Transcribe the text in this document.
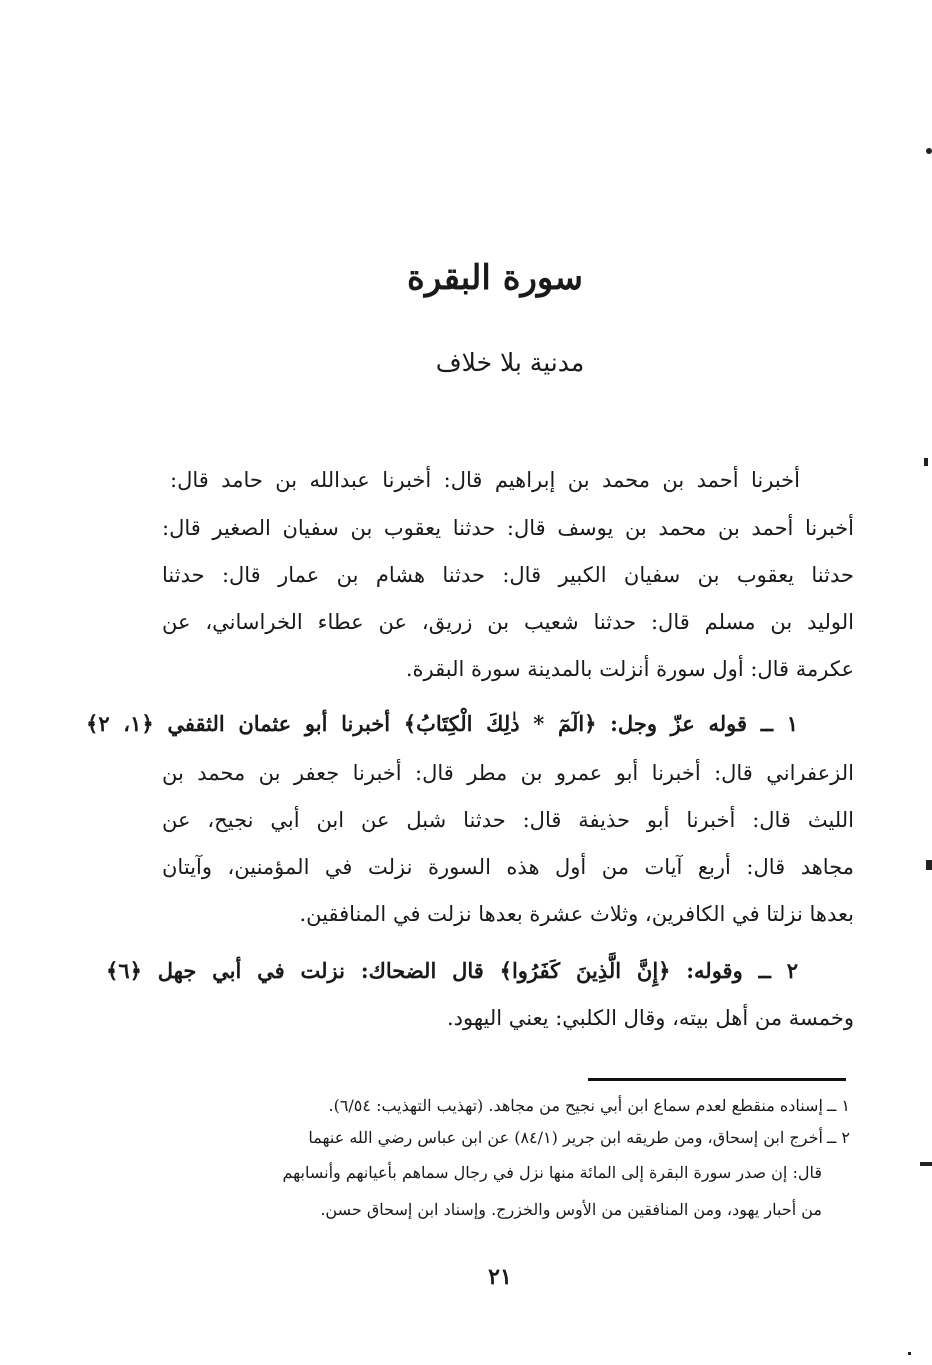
سورة البقرة
مدنية بلا خلاف
أخبرنا أحمد بن محمد بن إبراهيم قال: أخبرنا عبدالله بن حامد قال:
أخبرنا أحمد بن محمد بن يوسف قال: حدثنا يعقوب بن سفيان الصغير قال:
حدثنا يعقوب بن سفيان الكبير قال: حدثنا هشام بن عمار قال: حدثنا
الوليد بن مسلم قال: حدثنا شعيب بن زريق، عن عطاء الخراساني، عن
عكرمة قال: أول سورة أنزلت بالمدينة سورة البقرة.
١ ــ قوله عزّ وجل: ﴿الٓمٓ * ذٰلِكَ الْكِتَابُ﴾ أخبرنا أبو عثمان الثقفي ﴿١، ٢﴾
الزعفراني قال: أخبرنا أبو عمرو بن مطر قال: أخبرنا جعفر بن محمد بن
الليث قال: أخبرنا أبو حذيفة قال: حدثنا شبل عن ابن أبي نجيح، عن
مجاهد قال: أربع آيات من أول هذه السورة نزلت في المؤمنين، وآيتان
بعدها نزلتا في الكافرين، وثلاث عشرة بعدها نزلت في المنافقين.
٢ ــ وقوله: ﴿إِنَّ الَّذِينَ كَفَرُوا﴾ قال الضحاك: نزلت في أبي جهل ﴿٦﴾
وخمسة من أهل بيته، وقال الكلبي: يعني اليهود.
١ ــ إسناده منقطع لعدم سماع ابن أبي نجيح من مجاهد. (تهذيب التهذيب: ٦/٥٤).
٢ ــ أخرج ابن إسحاق، ومن طريقه ابن جرير (٨٤/١) عن ابن عباس رضي الله عنهما
قال: إن صدر سورة البقرة إلى المائة منها نزل في رجال سماهم بأعيانهم وأنسابهم
من أحبار يهود، ومن المنافقين من الأوس والخزرج. وإسناد ابن إسحاق حسن.
٢١
